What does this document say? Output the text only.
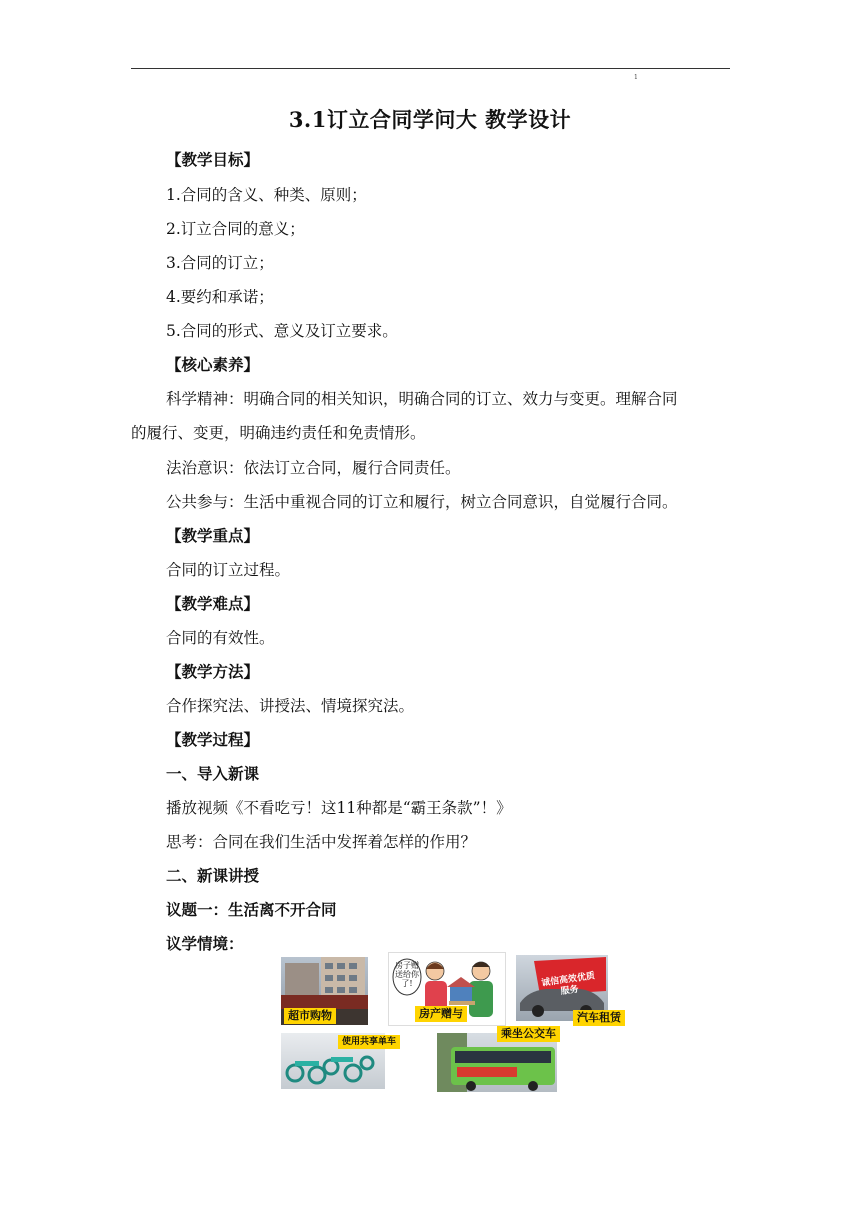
1
3.1订立合同学问大 教学设计
【教学目标】
1.合同的含义、种类、原则；
2.订立合同的意义；
3.合同的订立；
4.要约和承诺；
5.合同的形式、意义及订立要求。
【核心素养】
科学精神：明确合同的相关知识，明确合同的订立、效力与变更。理解合同
的履行、变更，明确违约责任和免责情形。
法治意识：依法订立合同，履行合同责任。
公共参与：生活中重视合同的订立和履行，树立合同意识，自觉履行合同。
【教学重点】
合同的订立过程。
【教学难点】
合同的有效性。
【教学方法】
合作探究法、讲授法、情境探究法。
【教学过程】
一、导入新课
播放视频《不看吃亏！这11种都是“霸王条款”！》
思考：合同在我们生活中发挥着怎样的作用？
二、新课讲授
议题一：生活离不开合同
议学情境：
超市购物
房子赠送给你了!
房产赠与
诚信高效优质服务
汽车租赁
使用共享单车
乘坐公交车
